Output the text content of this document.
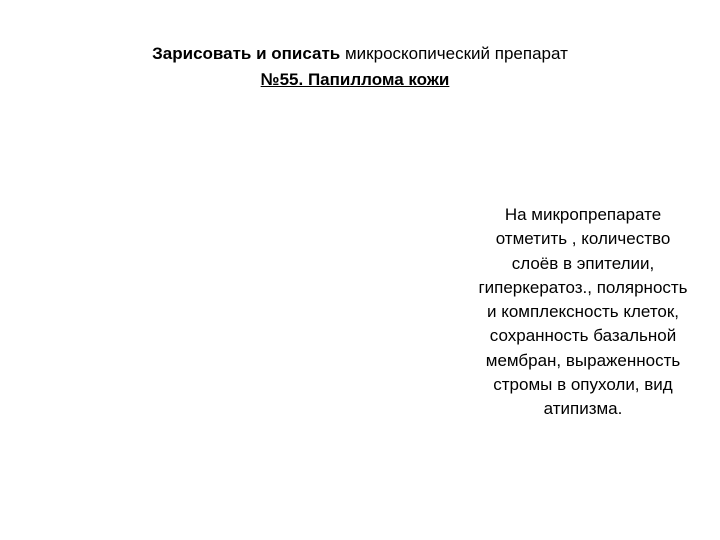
Зарисовать и описать микроскопический препарат
№55. Папиллома кожи
На микропрепарате
отметить , количество
слоёв в эпителии,
гиперкератоз., полярность
и комплексность клеток,
сохранность базальной
мембран, выраженность
стромы в опухоли, вид
атипизма.
